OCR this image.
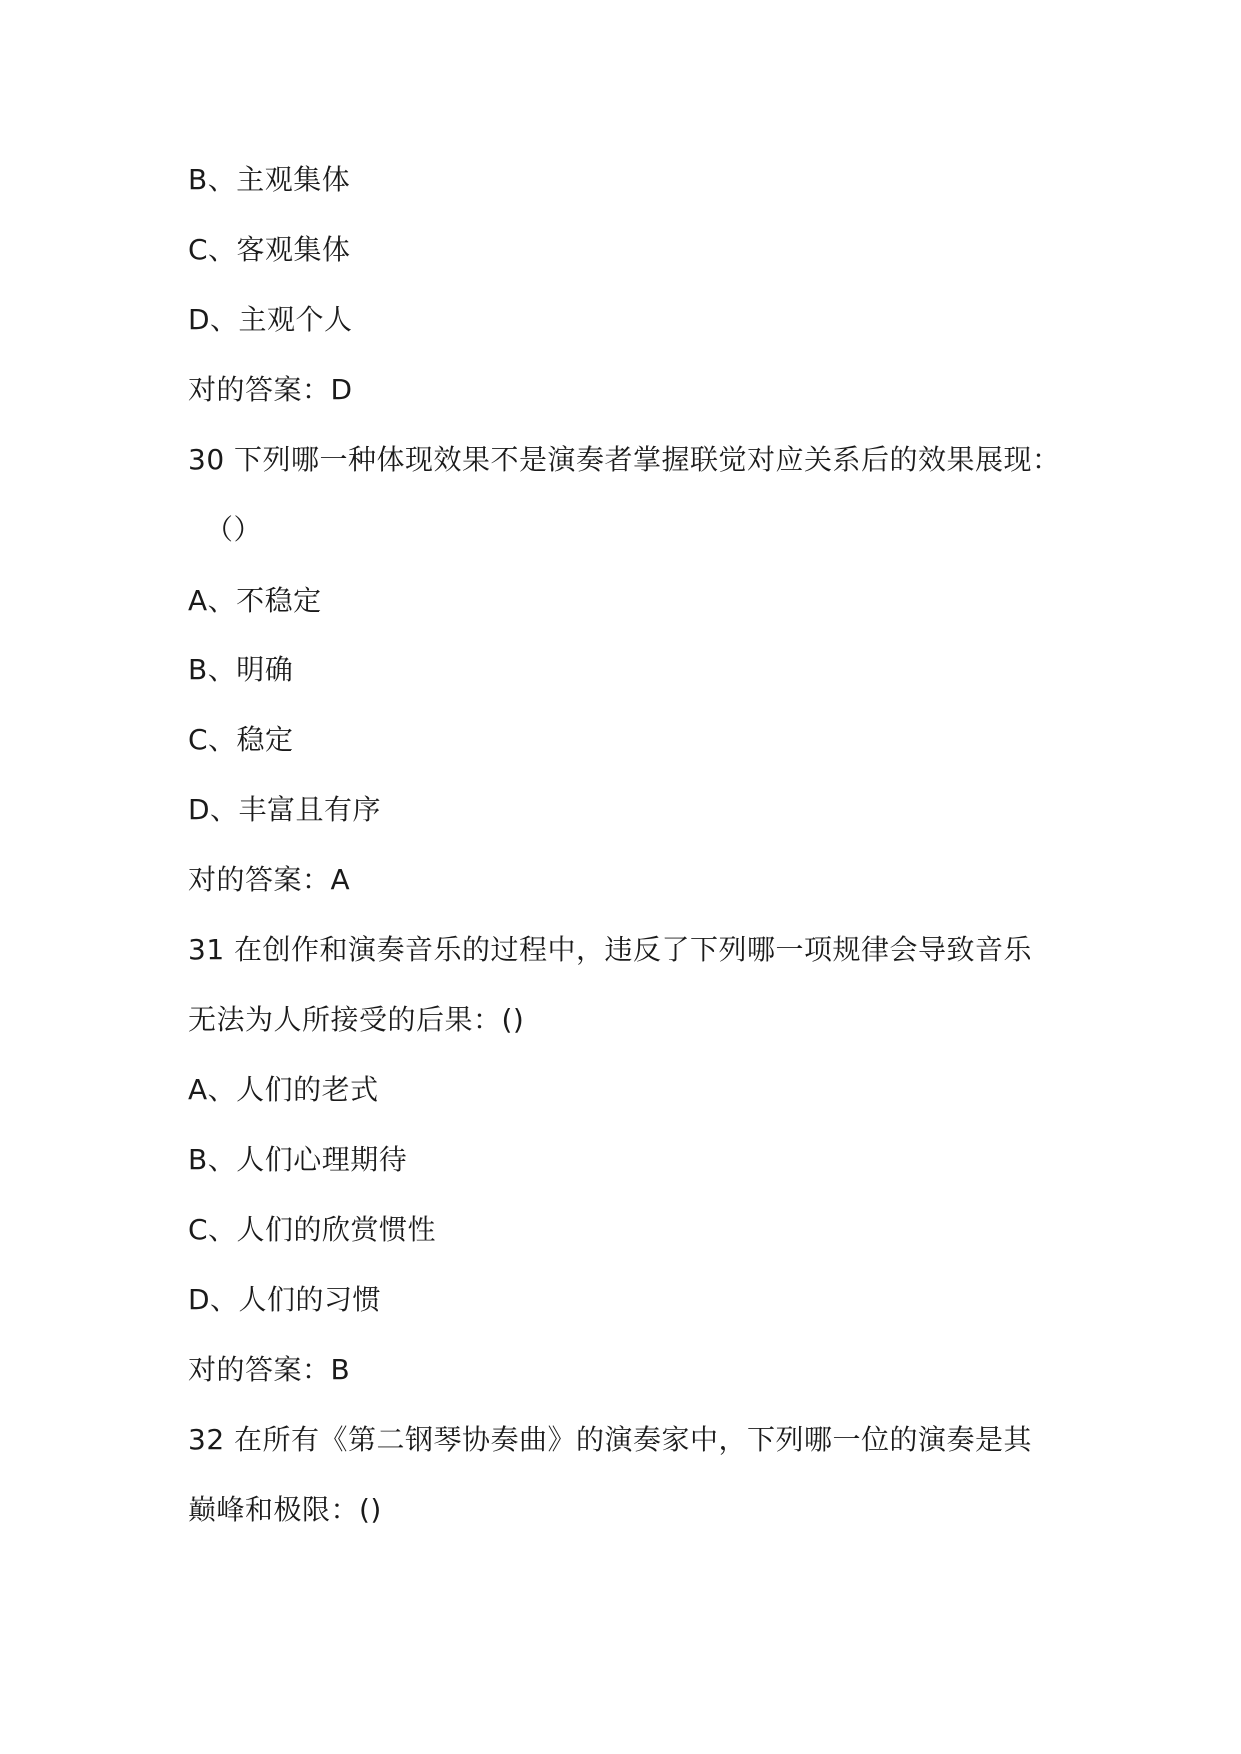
B、主观集体
C、客观集体
D、主观个人
对的答案：D
30 下列哪一种体现效果不是演奏者掌握联觉对应关系后的效果展现：
（）
A、不稳定
B、明确
C、稳定
D、丰富且有序
对的答案：A
31 在创作和演奏音乐的过程中，违反了下列哪一项规律会导致音乐
无法为人所接受的后果：()
A、人们的老式
B、人们心理期待
C、人们的欣赏惯性
D、人们的习惯
对的答案：B
32 在所有《第二钢琴协奏曲》的演奏家中，下列哪一位的演奏是其
巅峰和极限：()
